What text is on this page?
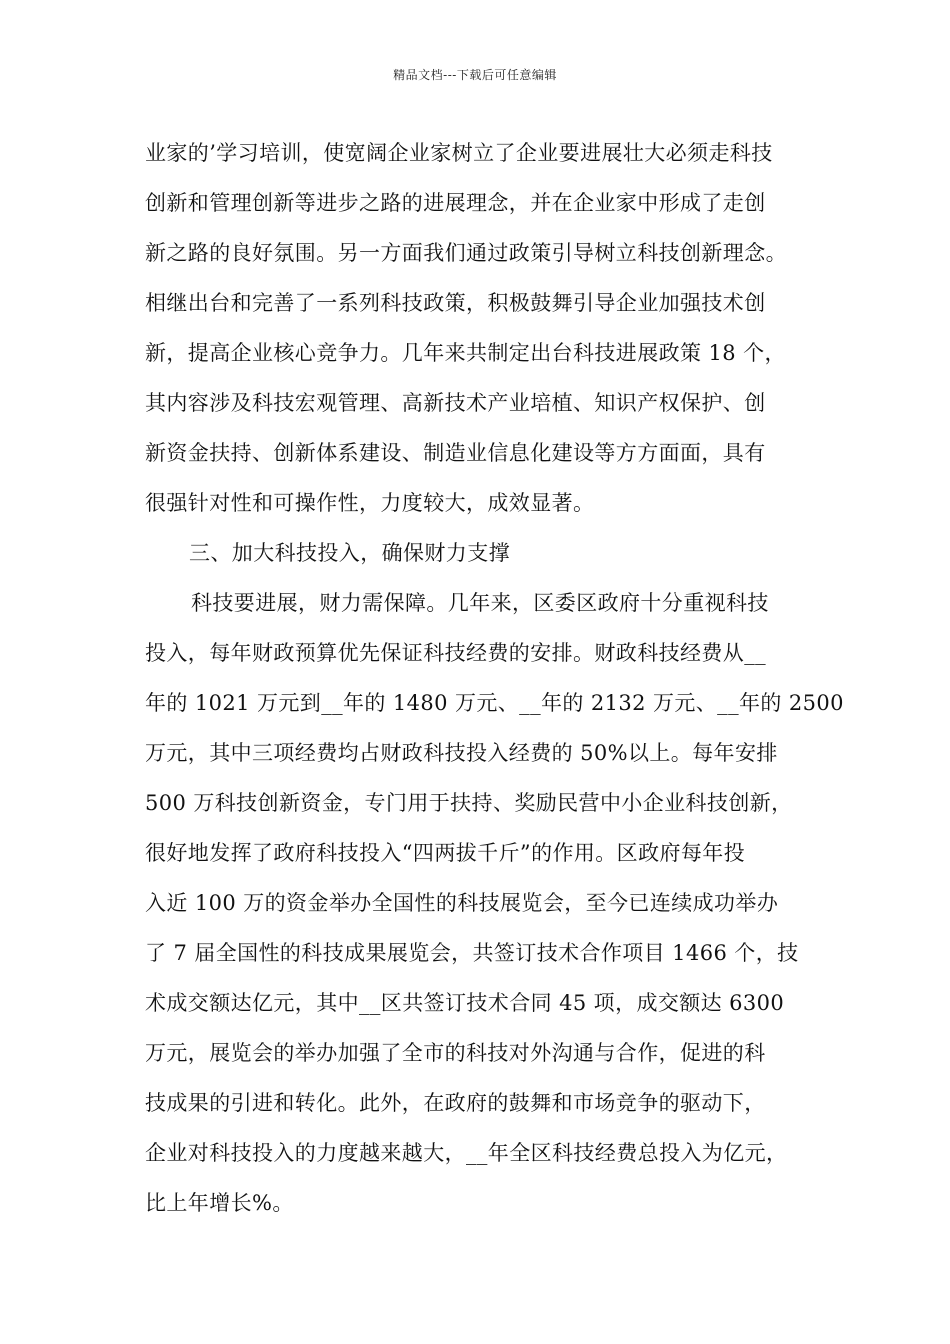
精品文档---下载后可任意编辑
业家的’学习培训，使宽阔企业家树立了企业要进展壮大必须走科技
创新和管理创新等进步之路的进展理念，并在企业家中形成了走创
新之路的良好氛围。另一方面我们通过政策引导树立科技创新理念。
相继出台和完善了一系列科技政策，积极鼓舞引导企业加强技术创
新，提高企业核心竞争力。几年来共制定出台科技进展政策 18 个，
其内容涉及科技宏观管理、高新技术产业培植、知识产权保护、创
新资金扶持、创新体系建设、制造业信息化建设等方方面面，具有
很强针对性和可操作性，力度较大，成效显著。
三、加大科技投入，确保财力支撑
科技要进展，财力需保障。几年来，区委区政府十分重视科技
投入，每年财政预算优先保证科技经费的安排。财政科技经费从__
年的 1021 万元到__年的 1480 万元、__年的 2132 万元、__年的 2500
万元，其中三项经费均占财政科技投入经费的 50%以上。每年安排
500 万科技创新资金，专门用于扶持、奖励民营中小企业科技创新，
很好地发挥了政府科技投入“四两拔千斤”的作用。区政府每年投
入近 100 万的资金举办全国性的科技展览会，至今已连续成功举办
了 7 届全国性的科技成果展览会，共签订技术合作项目 1466 个，技
术成交额达亿元，其中__区共签订技术合同 45 项，成交额达 6300
万元，展览会的举办加强了全市的科技对外沟通与合作，促进的科
技成果的引进和转化。此外，在政府的鼓舞和市场竞争的驱动下，
企业对科技投入的力度越来越大，__年全区科技经费总投入为亿元，
比上年增长%。
